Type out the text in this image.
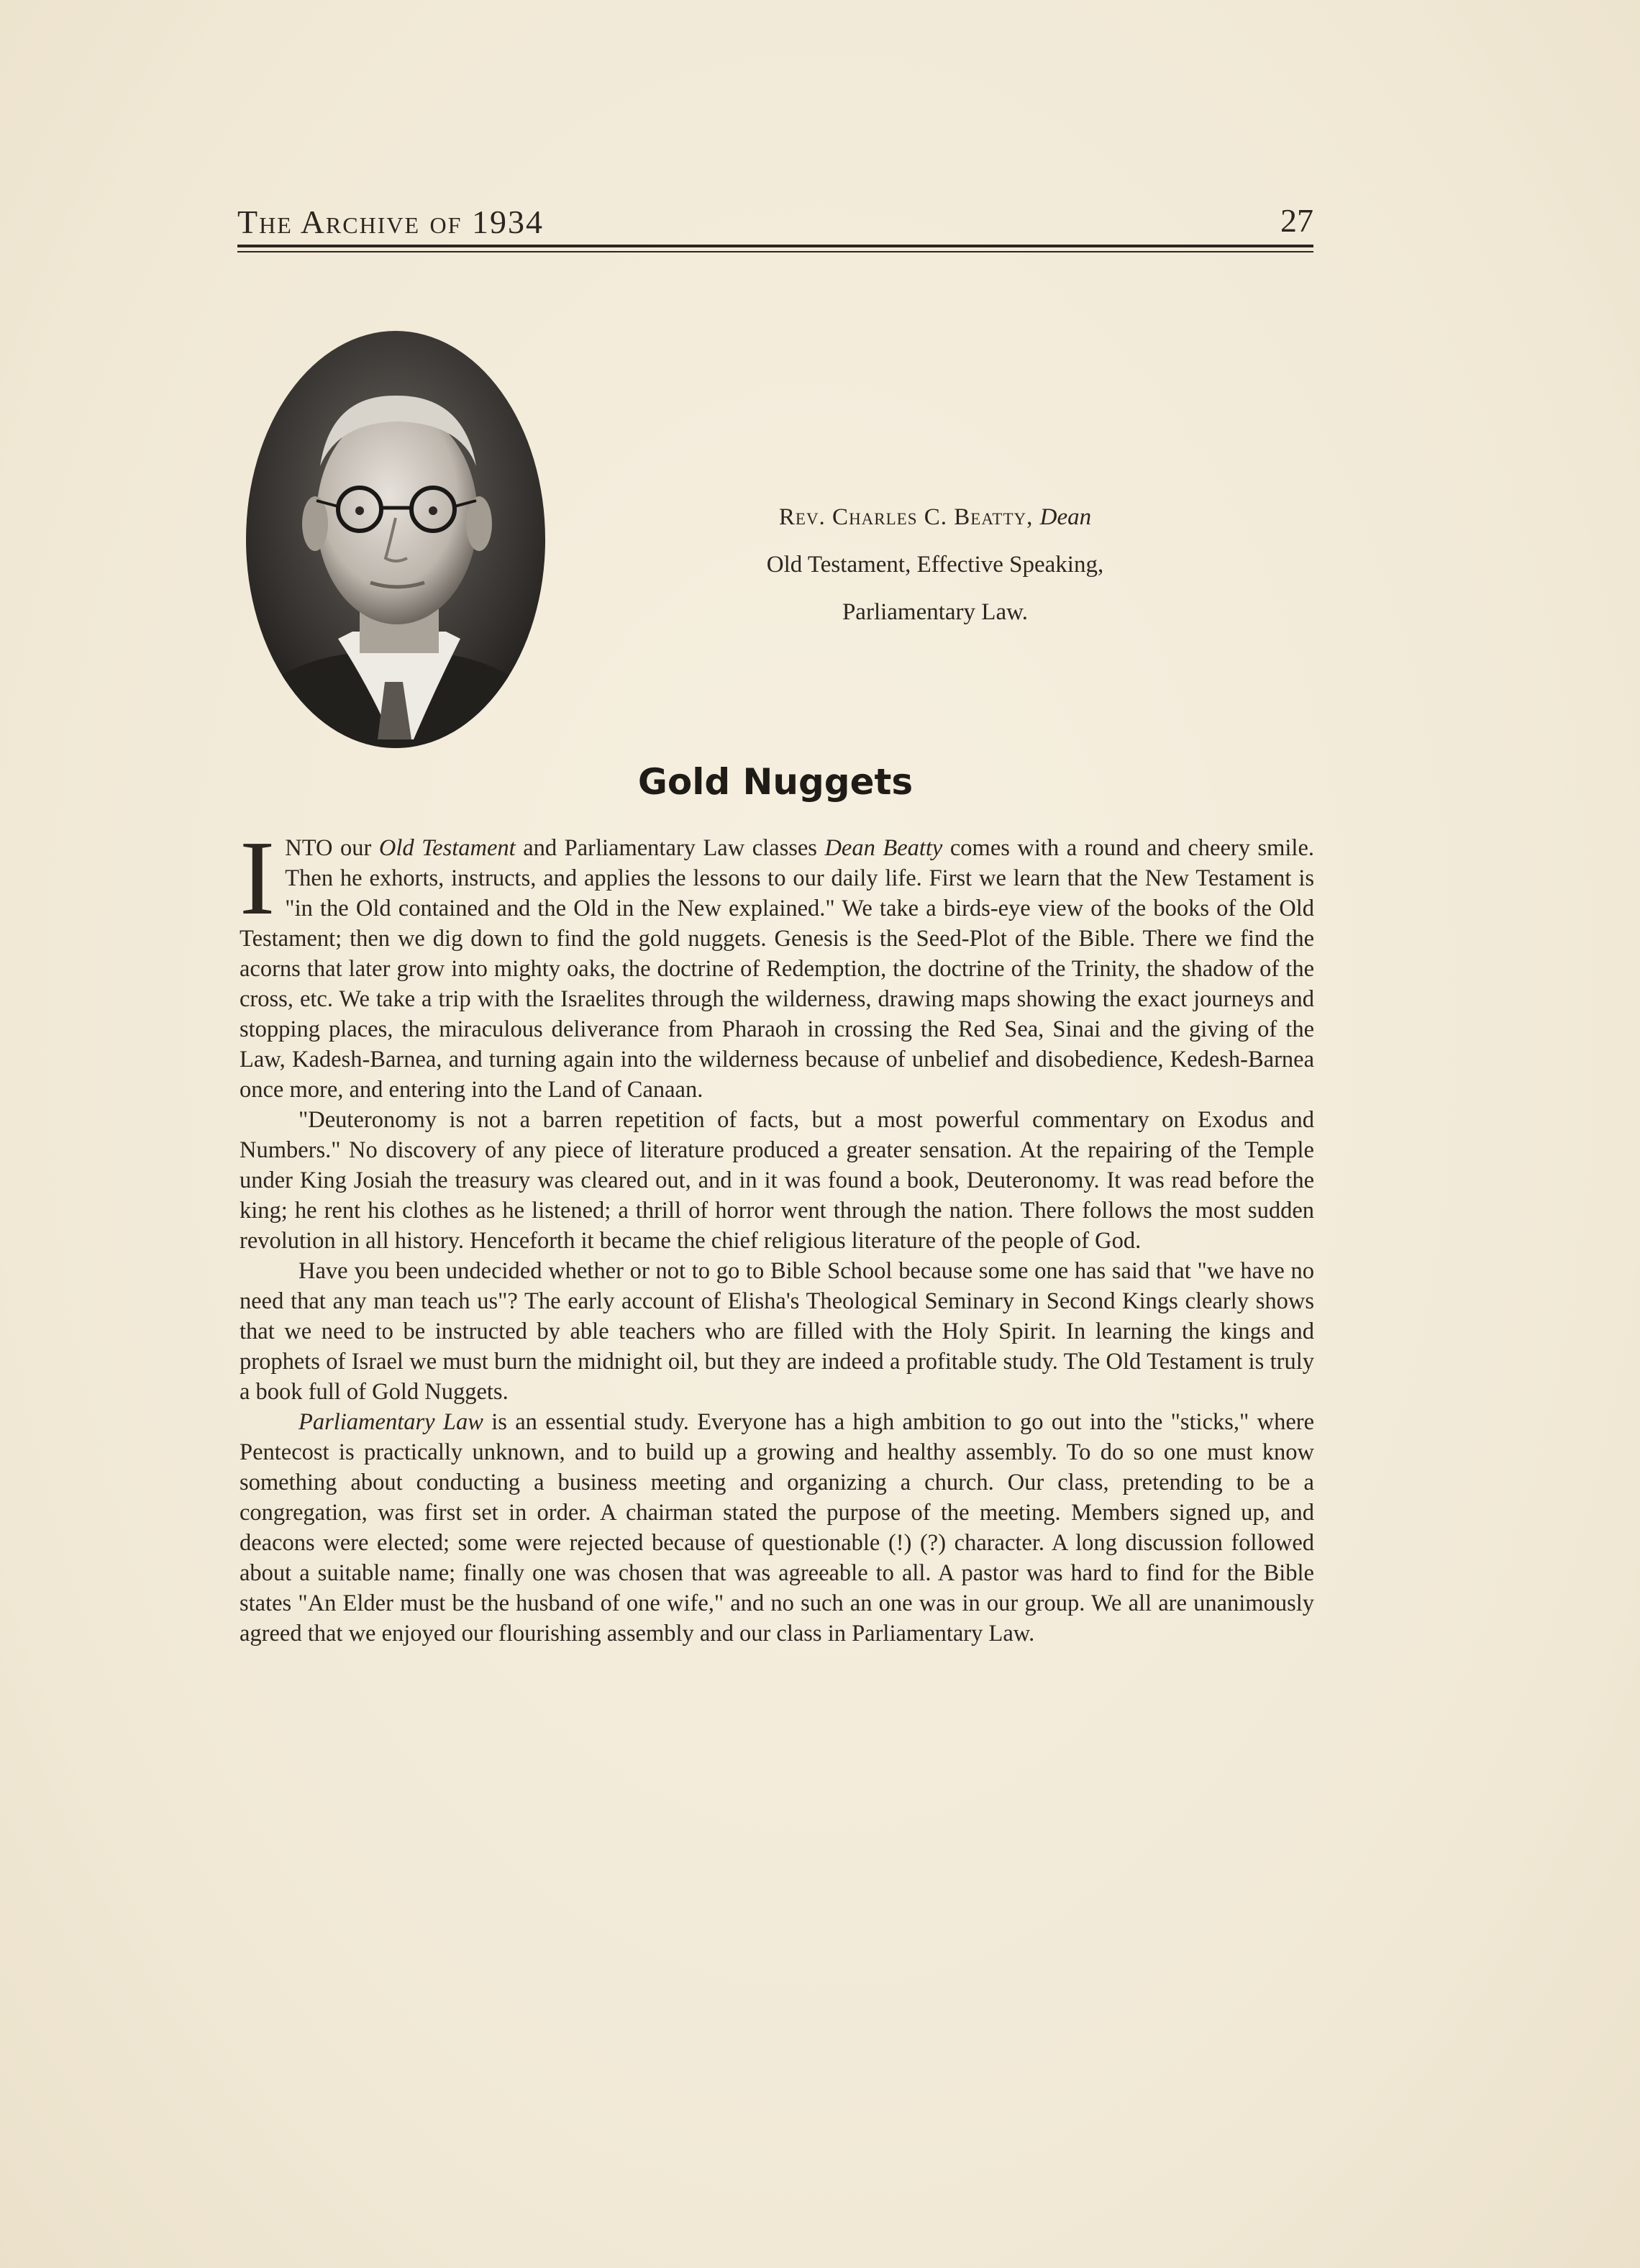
The Archive of 1934	27
Rev. Charles C. Beatty, Dean
Old Testament, Effective Speaking,
Parliamentary Law.
Gold Nuggets

INTO our Old Testament and Parliamentary Law classes Dean Beatty comes with a round and cheery smile. Then he exhorts, instructs, and applies the lessons to our daily life. First we learn that the New Testament is "in the Old contained and the Old in the New explained." We take a birds-eye view of the books of the Old Testament; then we dig down to find the gold nuggets. Genesis is the Seed-Plot of the Bible. There we find the acorns that later grow into mighty oaks, the doctrine of Redemption, the doctrine of the Trinity, the shadow of the cross, etc. We take a trip with the Israelites through the wilderness, drawing maps showing the exact journeys and stopping places, the miraculous deliverance from Pharaoh in crossing the Red Sea, Sinai and the giving of the Law, Kadesh-Barnea, and turning again into the wilderness because of unbelief and disobedience, Kedesh-Barnea once more, and entering into the Land of Canaan.

"Deuteronomy is not a barren repetition of facts, but a most powerful commentary on Exodus and Numbers." No discovery of any piece of literature produced a greater sensation. At the repairing of the Temple under King Josiah the treasury was cleared out, and in it was found a book, Deuteronomy. It was read before the king; he rent his clothes as he listened; a thrill of horror went through the nation. There follows the most sudden revolution in all history. Henceforth it became the chief religious literature of the people of God.

Have you been undecided whether or not to go to Bible School because some one has said that "we have no need that any man teach us"? The early account of Elisha's Theological Seminary in Second Kings clearly shows that we need to be instructed by able teachers who are filled with the Holy Spirit. In learning the kings and prophets of Israel we must burn the midnight oil, but they are indeed a profitable study. The Old Testament is truly a book full of Gold Nuggets.

Parliamentary Law is an essential study. Everyone has a high ambition to go out into the "sticks," where Pentecost is practically unknown, and to build up a growing and healthy assembly. To do so one must know something about conducting a business meeting and organizing a church. Our class, pretending to be a congregation, was first set in order. A chairman stated the purpose of the meeting. Members signed up, and deacons were elected; some were rejected because of questionable (!) (?) character. A long discussion followed about a suitable name; finally one was chosen that was agreeable to all. A pastor was hard to find for the Bible states "An Elder must be the husband of one wife," and no such an one was in our group. We all are unanimously agreed that we enjoyed our flourishing assembly and our class in Parliamentary Law.
